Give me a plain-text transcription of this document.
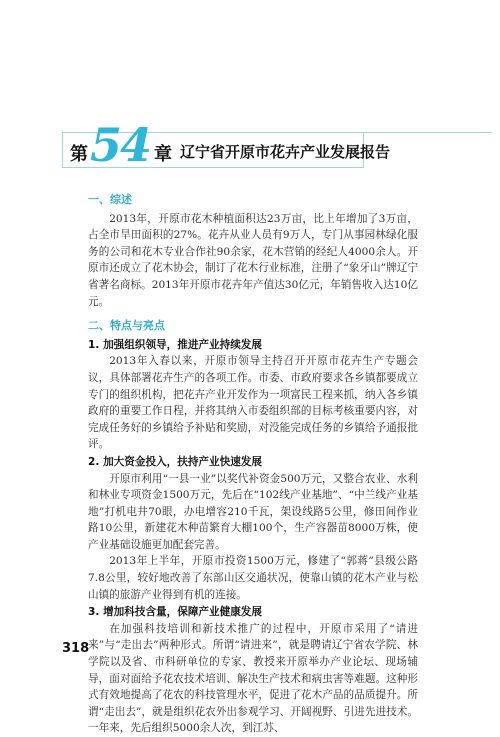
第 54 章 辽宁省开原市花卉产业发展报告
一、综述

2013年，开原市花木种植面积达23万亩，比上年增加了3万亩，占全市旱田面积的27%。花卉从业人员有9万人，专门从事园林绿化服务的公司和花木专业合作社90余家，花木营销的经纪人4000余人。开原市还成立了花木协会，制订了花木行业标准，注册了“象牙山”牌辽宁省著名商标。2013年开原市花卉年产值达30亿元，年销售收入达10亿元。

二、特点与亮点
1. 加强组织领导，推进产业持续发展

2013年入春以来，开原市领导主持召开开原市花卉生产专题会议，具体部署花卉生产的各项工作。市委、市政府要求各乡镇都要成立专门的组织机构，把花卉产业开发作为一项富民工程来抓，纳入各乡镇政府的重要工作日程，并将其纳入市委组织部的目标考核重要内容，对完成任务好的乡镇给予补贴和奖励，对没能完成任务的乡镇给予通报批评。

2. 加大资金投入，扶持产业快速发展

开原市利用“一县一业”以奖代补资金500万元，又整合农业、水利和林业专项资金1500万元，先后在“102线产业基地”、“中兰线产业基地”打机电井70眼，办电增容210千瓦，架设线路5公里，修田间作业路10公里，新建花木种苗繁育大棚100个，生产容器苗8000万株，使产业基础设施更加配套完善。

2013年上半年，开原市投资1500万元，修建了“郭蒋”县级公路7.8公里，较好地改善了东部山区交通状况，使靠山镇的花木产业与松山镇的旅游产业得到有机的连接。

3. 增加科技含量，保障产业健康发展

在加强科技培训和新技术推广的过程中，开原市采用了“请进来”与“走出去”两种形式。所谓“请进来”，就是聘请辽宁省农学院、林学院以及省、市科研单位的专家、教授来开原举办产业论坛、现场辅导，面对面给予花农技术培训、解决生产技术和病虫害等难题。这种形式有效地提高了花农的科技管理水平，促进了花木产品的品质提升。所谓“走出去”，就是组织花农外出参观学习、开阔视野、引进先进技术。一年来，先后组织5000余人次，到江苏、

318
